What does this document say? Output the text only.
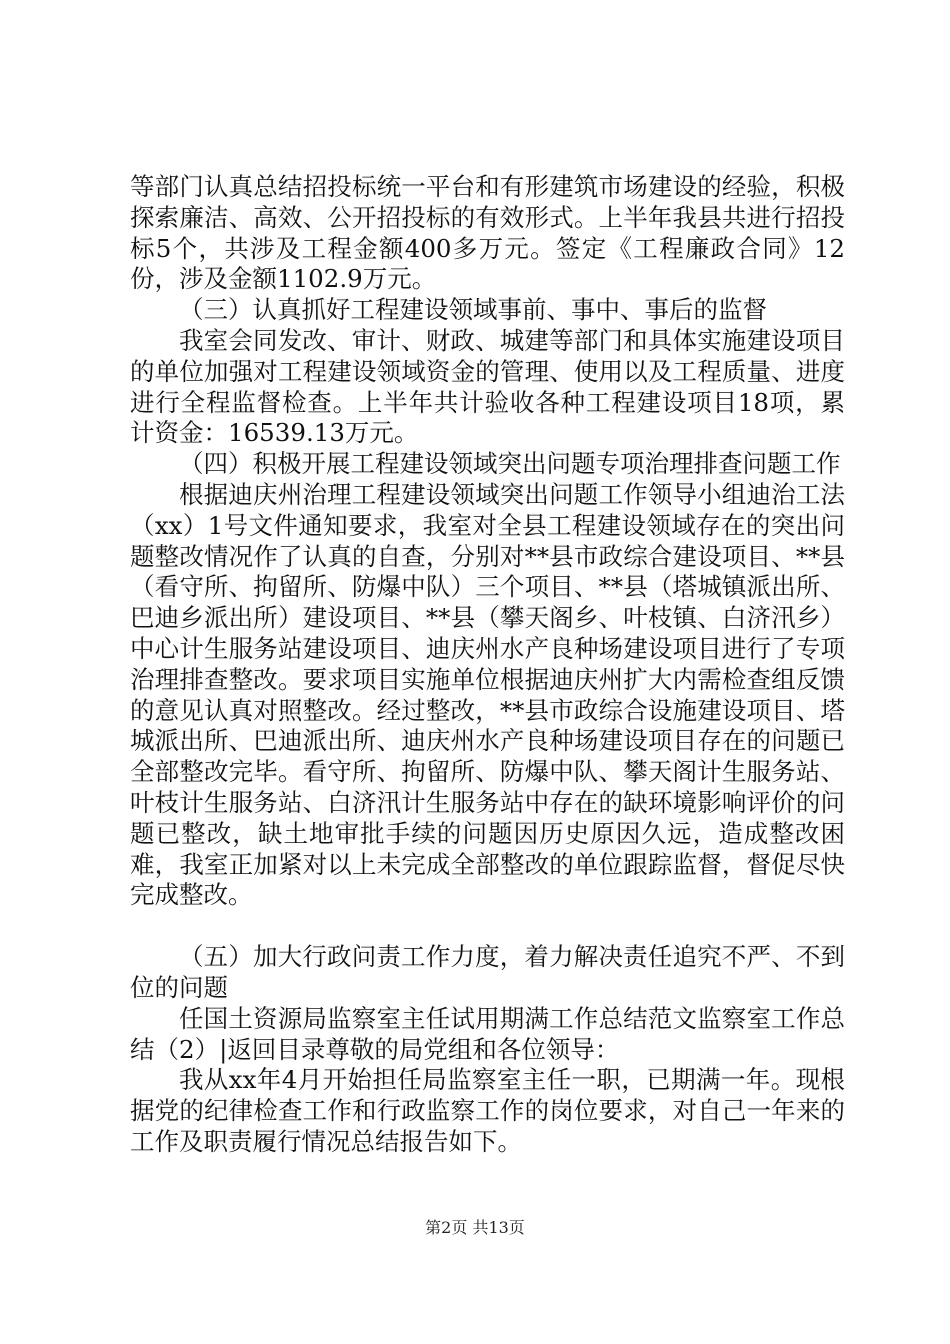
等部门认真总结招投标统一平台和有形建筑市场建设的经验，积极探索廉洁、高效、公开招投标的有效形式。上半年我县共进行招投标5个，共涉及工程金额400多万元。签定《工程廉政合同》12份，涉及金额1102.9万元。

（三）认真抓好工程建设领域事前、事中、事后的监督

我室会同发改、审计、财政、城建等部门和具体实施建设项目的单位加强对工程建设领域资金的管理、使用以及工程质量、进度进行全程监督检查。上半年共计验收各种工程建设项目18项，累计资金：16539.13万元。

（四）积极开展工程建设领域突出问题专项治理排查问题工作

根据迪庆州治理工程建设领域突出问题工作领导小组迪治工法（xx）1号文件通知要求，我室对全县工程建设领域存在的突出问题整改情况作了认真的自查，分别对**县市政综合建设项目、**县（看守所、拘留所、防爆中队）三个项目、**县（塔城镇派出所、巴迪乡派出所）建设项目、**县（攀天阁乡、叶枝镇、白济汛乡）中心计生服务站建设项目、迪庆州水产良种场建设项目进行了专项治理排查整改。要求项目实施单位根据迪庆州扩大内需检查组反馈的意见认真对照整改。经过整改，**县市政综合设施建设项目、塔城派出所、巴迪派出所、迪庆州水产良种场建设项目存在的问题已全部整改完毕。看守所、拘留所、防爆中队、攀天阁计生服务站、叶枝计生服务站、白济汛计生服务站中存在的缺环境影响评价的问题已整改，缺土地审批手续的问题因历史原因久远，造成整改困难，我室正加紧对以上未完成全部整改的单位跟踪监督，督促尽快完成整改。

（五）加大行政问责工作力度，着力解决责任追究不严、不到位的问题

任国土资源局监察室主任试用期满工作总结范文监察室工作总结（2）|返回目录尊敬的局党组和各位领导：

我从xx年4月开始担任局监察室主任一职，已期满一年。现根据党的纪律检查工作和行政监察工作的岗位要求，对自己一年来的工作及职责履行情况总结报告如下。

第2页 共13页
